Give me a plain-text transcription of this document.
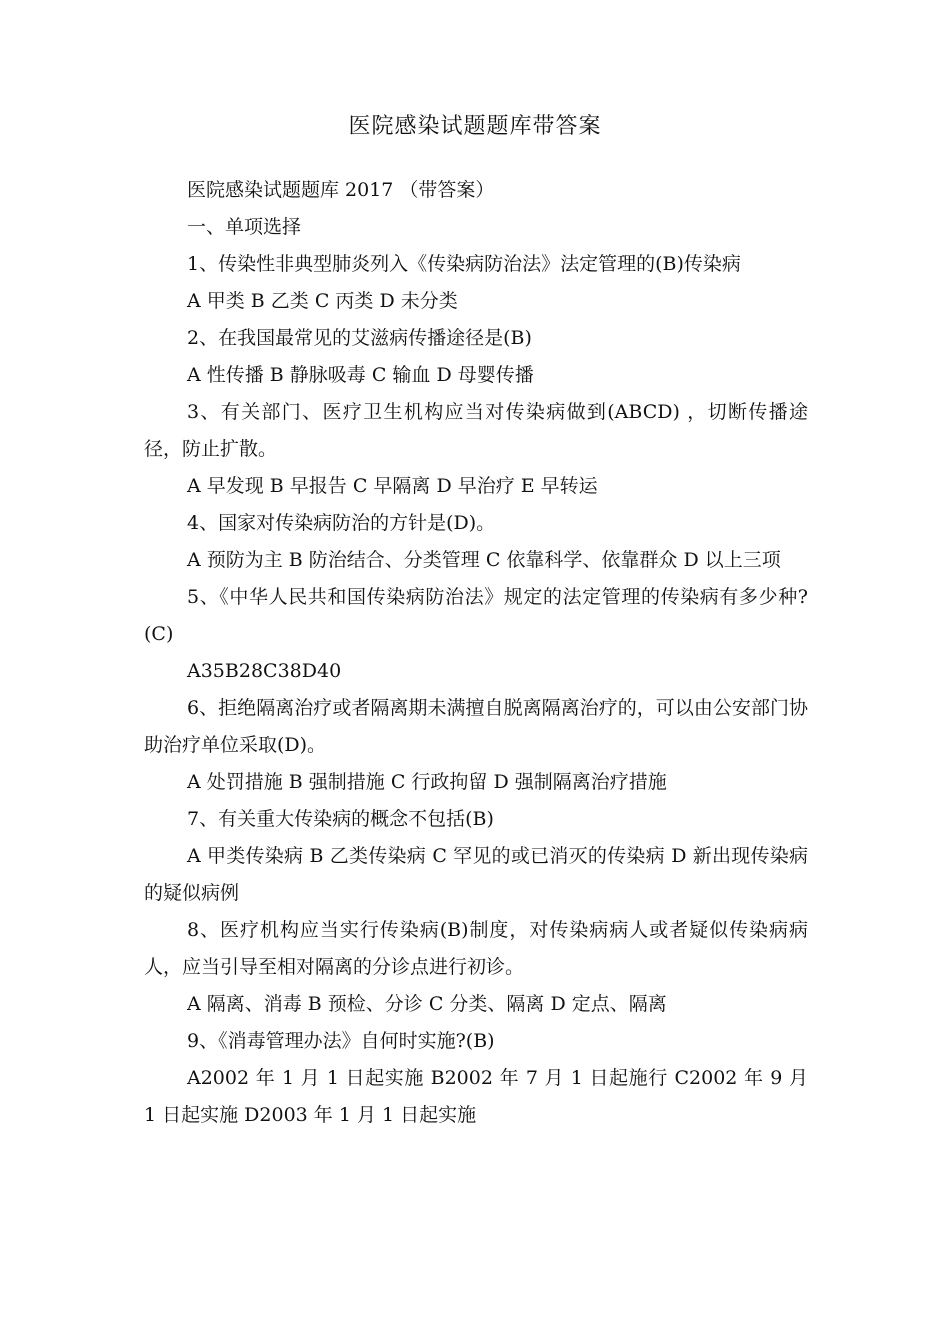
医院感染试题题库带答案

医院感染试题题库 2017 （带答案）

一、单项选择

1、传染性非典型肺炎列入《传染病防治法》法定管理的(B)传染病

A 甲类 B 乙类 C 丙类 D 未分类

2、在我国最常见的艾滋病传播途径是(B)

A 性传播 B 静脉吸毒 C 输血 D 母婴传播

3、有关部门、医疗卫生机构应当对传染病做到(ABCD) ，切断传播途径，防止扩散。

A 早发现 B 早报告 C 早隔离 D 早治疗 E 早转运

4、国家对传染病防治的方针是(D)。

A 预防为主 B 防治结合、分类管理 C 依靠科学、依靠群众 D 以上三项

5、《中华人民共和国传染病防治法》规定的法定管理的传染病有多少种?(C)

A35B28C38D40

6、拒绝隔离治疗或者隔离期未满擅自脱离隔离治疗的，可以由公安部门协助治疗单位采取(D)。

A 处罚措施 B 强制措施 C 行政拘留 D 强制隔离治疗措施

7、有关重大传染病的概念不包括(B)

A 甲类传染病 B 乙类传染病 C 罕见的或已消灭的传染病 D 新出现传染病的疑似病例

8、医疗机构应当实行传染病(B)制度，对传染病病人或者疑似传染病病人，应当引导至相对隔离的分诊点进行初诊。

A 隔离、消毒 B 预检、分诊 C 分类、隔离 D 定点、隔离

9、《消毒管理办法》自何时实施?(B)

A2002 年 1 月 1 日起实施 B2002 年 7 月 1 日起施行 C2002 年 9 月 1 日起实施 D2003 年 1 月 1 日起实施
